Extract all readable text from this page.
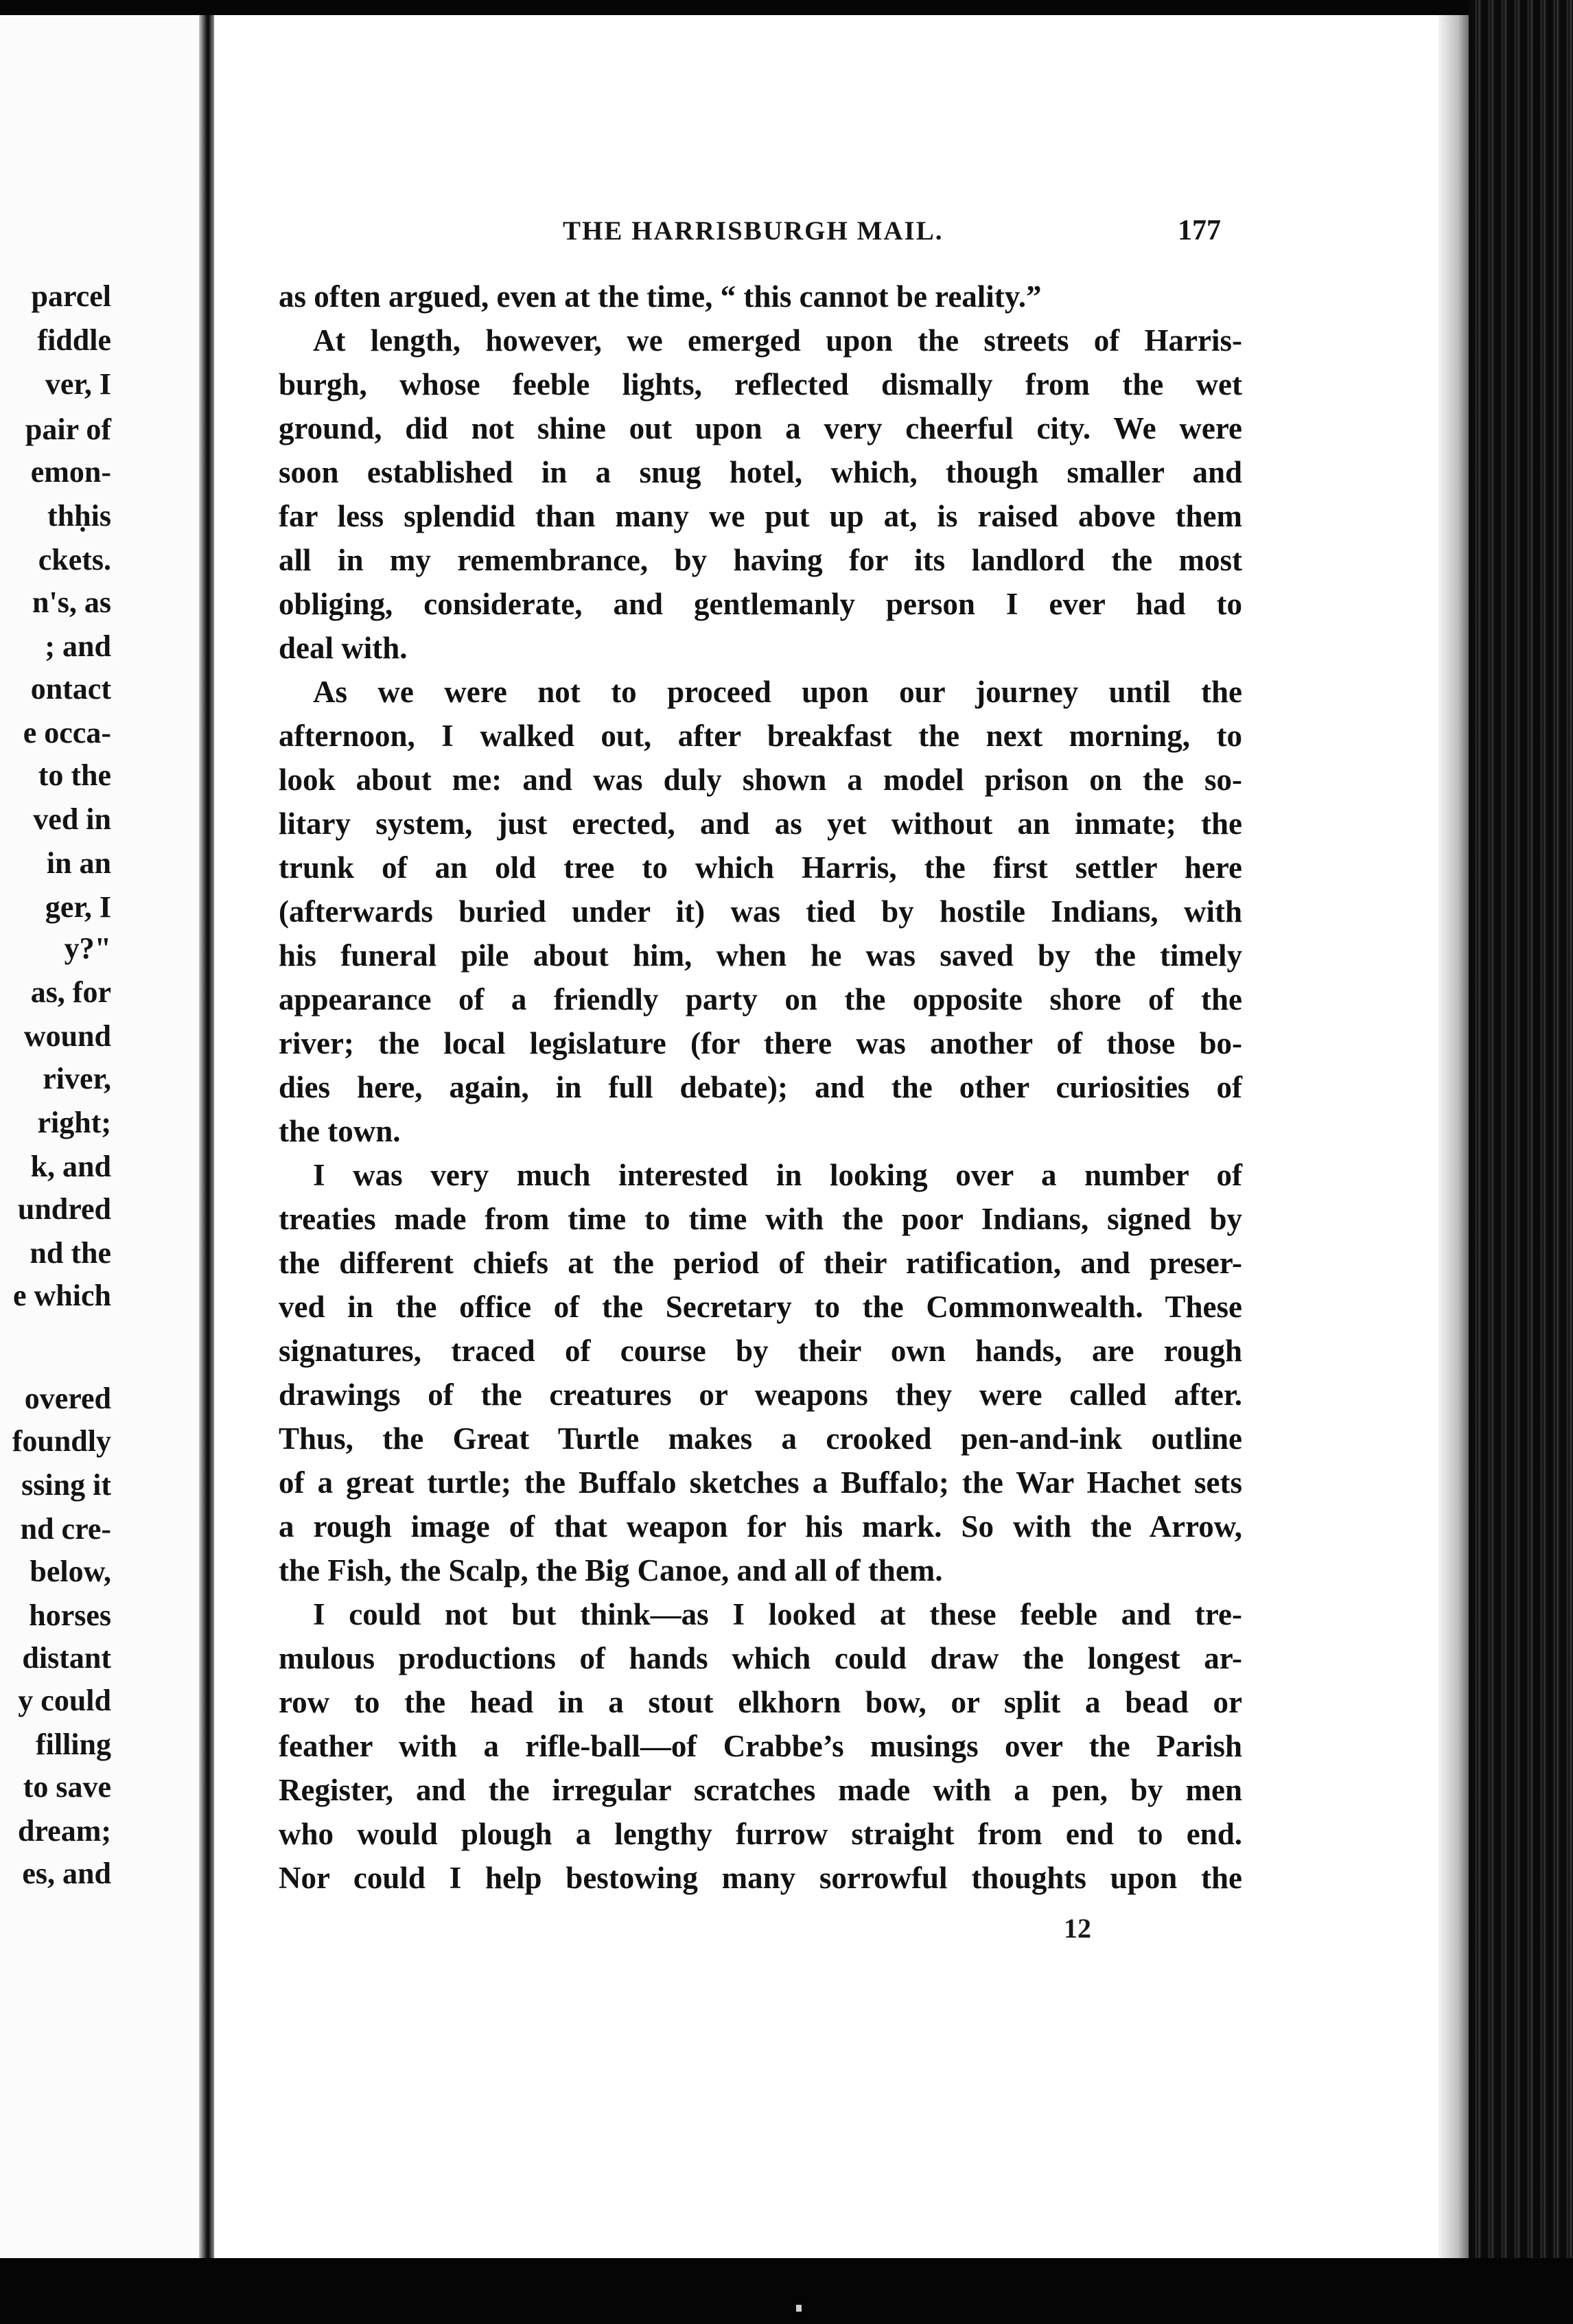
parcel
fiddle
ver, I
pair of
emon-
thḥis
ckets.
n's, as
; and
ontact
e occa-
to the
ved in
in an
ger, I
y?"
as, for
wound
river,
right;
k, and
undred
nd the
e which
overed
foundly
ssing it
nd cre-
below,
horses
distant
y could
filling
to save
dream;
es, and
THE HARRISBURGH MAIL.	177
as often argued, even at the time, “ this cannot be reality.”
At length, however, we emerged upon the streets of Harris-
burgh, whose feeble lights, reflected dismally from the wet
ground, did not shine out upon a very cheerful city. We were
soon established in a snug hotel, which, though smaller and
far less splendid than many we put up at, is raised above them
all in my remembrance, by having for its landlord the most
obliging, considerate, and gentlemanly person I ever had to
deal with.
As we were not to proceed upon our journey until the
afternoon, I walked out, after breakfast the next morning, to
look about me: and was duly shown a model prison on the so-
litary system, just erected, and as yet without an inmate; the
trunk of an old tree to which Harris, the first settler here
(afterwards buried under it) was tied by hostile Indians, with
his funeral pile about him, when he was saved by the timely
appearance of a friendly party on the opposite shore of the
river; the local legislature (for there was another of those bo-
dies here, again, in full debate); and the other curiosities of
the town.
I was very much interested in looking over a number of
treaties made from time to time with the poor Indians, signed by
the different chiefs at the period of their ratification, and preser-
ved in the office of the Secretary to the Commonwealth. These
signatures, traced of course by their own hands, are rough
drawings of the creatures or weapons they were called after.
Thus, the Great Turtle makes a crooked pen-and-ink outline
of a great turtle; the Buffalo sketches a Buffalo; the War Hachet sets
a rough image of that weapon for his mark. So with the Arrow,
the Fish, the Scalp, the Big Canoe, and all of them.
I could not but think—as I looked at these feeble and tre-
mulous productions of hands which could draw the longest ar-
row to the head in a stout elkhorn bow, or split a bead or
feather with a rifle-ball—of Crabbe’s musings over the Parish
Register, and the irregular scratches made with a pen, by men
who would plough a lengthy furrow straight from end to end.
Nor could I help bestowing many sorrowful thoughts upon the
12
